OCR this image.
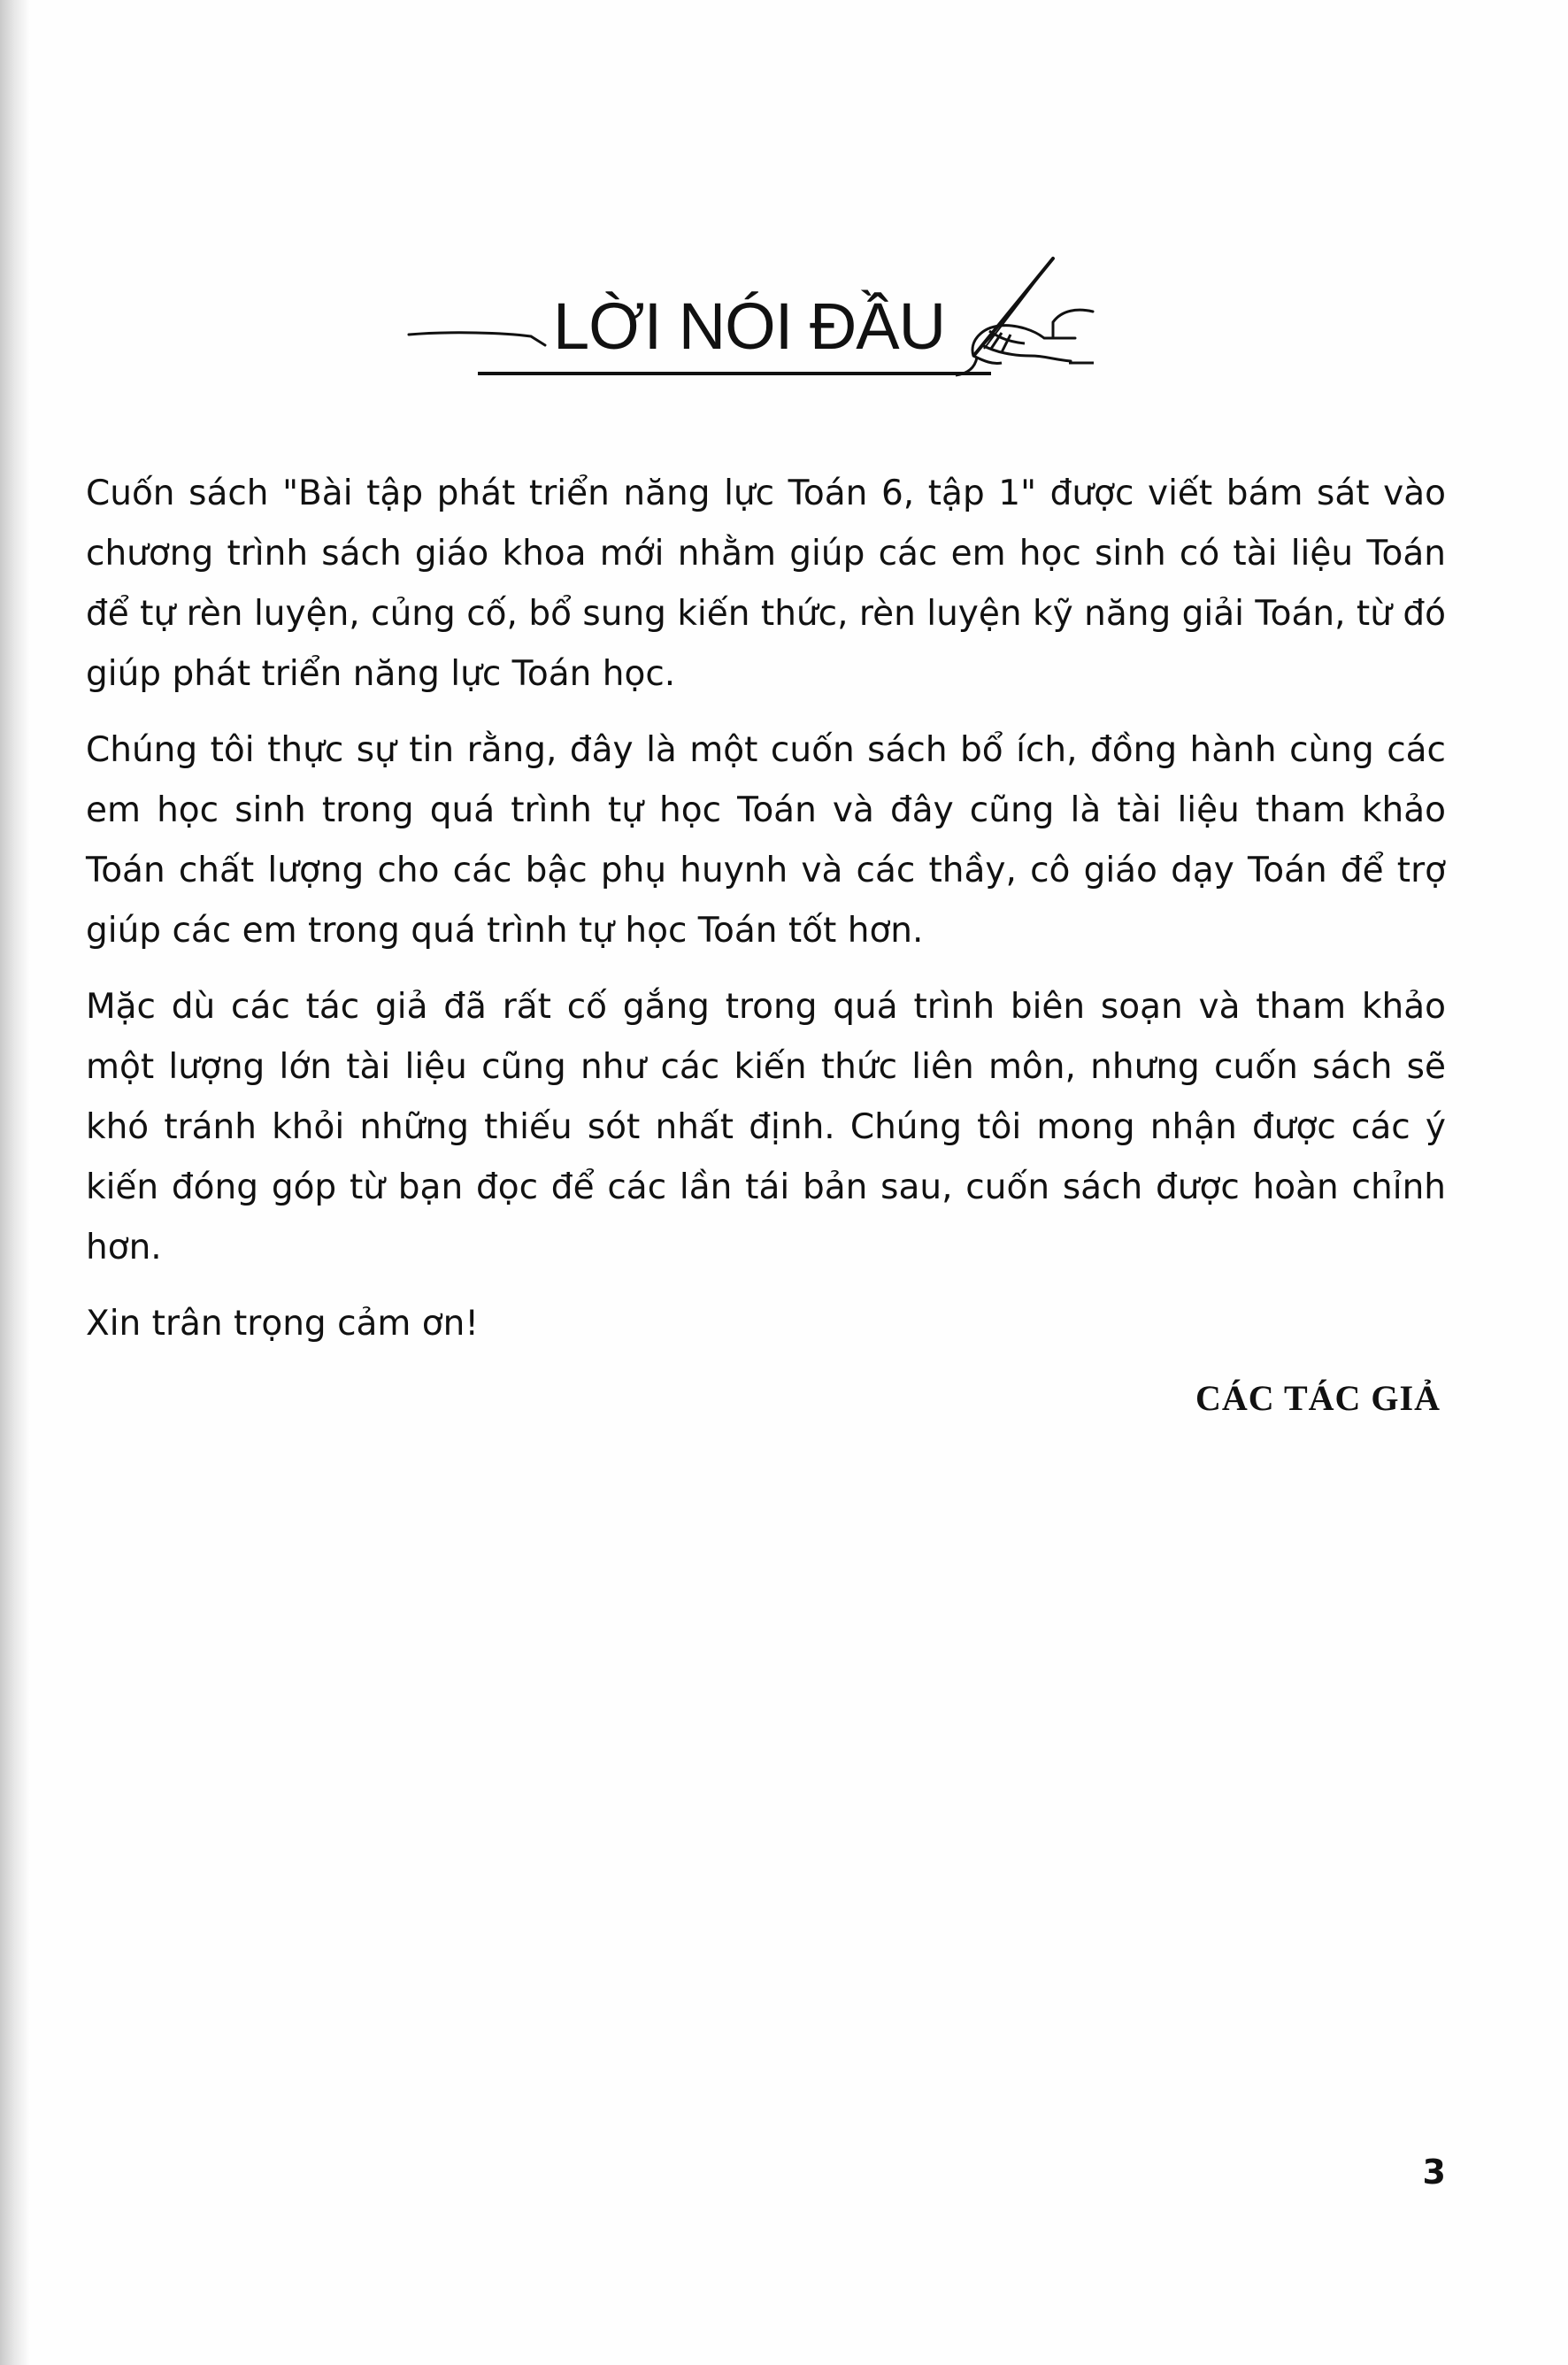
LỜI NÓI ĐẦU

Cuốn sách "Bài tập phát triển năng lực Toán 6, tập 1" được viết bám sát vào chương trình sách giáo khoa mới nhằm giúp các em học sinh có tài liệu Toán để tự rèn luyện, củng cố, bổ sung kiến thức, rèn luyện kỹ năng giải Toán, từ đó giúp phát triển năng lực Toán học.

Chúng tôi thực sự tin rằng, đây là một cuốn sách bổ ích, đồng hành cùng các em học sinh trong quá trình tự học Toán và đây cũng là tài liệu tham khảo Toán chất lượng cho các bậc phụ huynh và các thầy, cô giáo dạy Toán để trợ giúp các em trong quá trình tự học Toán tốt hơn.

Mặc dù các tác giả đã rất cố gắng trong quá trình biên soạn và tham khảo một lượng lớn tài liệu cũng như các kiến thức liên môn, nhưng cuốn sách sẽ khó tránh khỏi những thiếu sót nhất định. Chúng tôi mong nhận được các ý kiến đóng góp từ bạn đọc để các lần tái bản sau, cuốn sách được hoàn chỉnh hơn.

Xin trân trọng cảm ơn!

CÁC TÁC GIẢ
3
